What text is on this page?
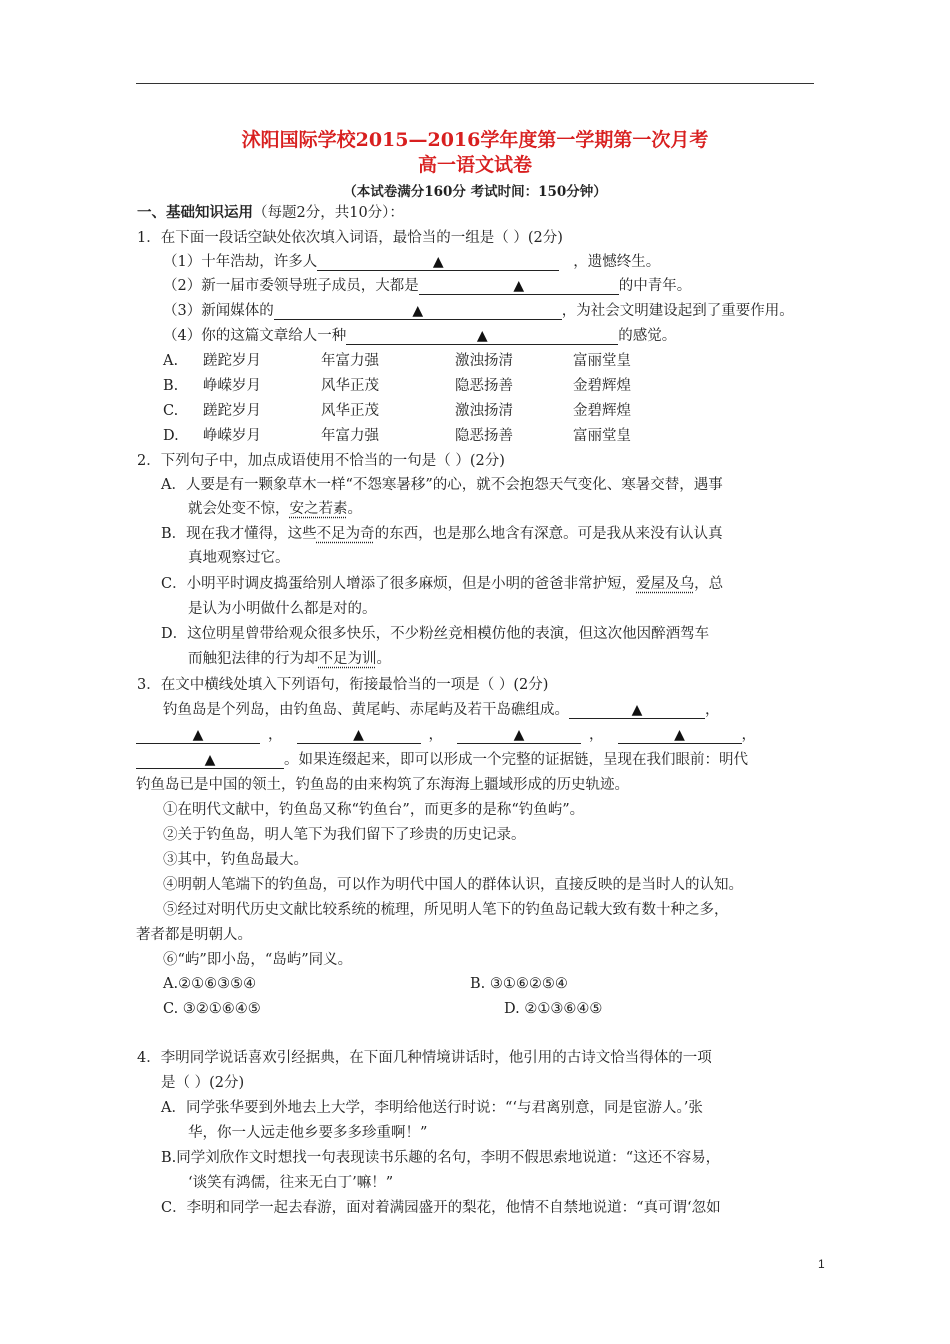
沭阳国际学校2015—2016学年度第一学期第一次月考
高一语文试卷
（本试卷满分160分 考试时间：150分钟）
一、基础知识运用（每题2分，共10分）：
1．在下面一段话空缺处依次填入词语，最恰当的一组是（ ）(2分)
（1）十年浩劫，许多人	▲	，遗憾终生。
（2）新一届市委领导班子成员，大都是	▲	的中青年。
（3）新闻媒体的	▲	，为社会文明建设起到了重要作用。
（4）你的这篇文章给人一种	▲	的感觉。
A. 蹉跎岁月	年富力强	激浊扬清	富丽堂皇
B. 峥嵘岁月	风华正茂	隐恶扬善	金碧辉煌
C. 蹉跎岁月	风华正茂	激浊扬清	金碧辉煌
D. 峥嵘岁月	年富力强	隐恶扬善	富丽堂皇
2．下列句子中，加点成语使用不恰当的一句是（ ）(2分)
A．人要是有一颗象草木一样“不怨寒暑移”的心，就不会抱怨天气变化、寒暑交替，遇事
就会处变不惊，安之若素。
B．现在我才懂得，这些不足为奇的东西，也是那么地含有深意。可是我从来没有认认真
真地观察过它。
C．小明平时调皮捣蛋给别人增添了很多麻烦，但是小明的爸爸非常护短，爱屋及乌，总
是认为小明做什么都是对的。
D．这位明星曾带给观众很多快乐，不少粉丝竞相模仿他的表演，但这次他因醉酒驾车
而触犯法律的行为却不足为训。
3．在文中横线处填入下列语句，衔接最恰当的一项是（ ）(2分)
钓鱼岛是个列岛，由钓鱼岛、黄尾屿、赤尾屿及若干岛礁组成。	▲	，
▲	，	▲	，	▲	，	▲	，
▲	。如果连缀起来，即可以形成一个完整的证据链，呈现在我们眼前：明代
钓鱼岛已是中国的领土，钓鱼岛的由来构筑了东海海上疆域形成的历史轨迹。
①在明代文献中，钓鱼岛又称“钓鱼台”，而更多的是称“钓鱼屿”。
②关于钓鱼岛，明人笔下为我们留下了珍贵的历史记录。
③其中，钓鱼岛最大。
④明朝人笔端下的钓鱼岛，可以作为明代中国人的群体认识，直接反映的是当时人的认知。
⑤经过对明代历史文献比较系统的梳理，所见明人笔下的钓鱼岛记载大致有数十种之多，
著者都是明朝人。
⑥“屿”即小岛，“岛屿”同义。
A.②①⑥③⑤④	B. ③①⑥②⑤④
C. ③②①⑥④⑤	D. ②①③⑥④⑤
4．李明同学说话喜欢引经据典，在下面几种情境讲话时，他引用的古诗文恰当得体的一项
是（ ）(2分)
A．同学张华要到外地去上大学，李明给他送行时说：“‘与君离别意，同是宦游人。’张
华，你一人远走他乡要多多珍重啊！”
B.同学刘欣作文时想找一句表现读书乐趣的名句，李明不假思索地说道：“这还不容易，
‘谈笑有鸿儒，往来无白丁’嘛！”
C．李明和同学一起去春游，面对着满园盛开的梨花，他情不自禁地说道：“真可谓‘忽如
1
